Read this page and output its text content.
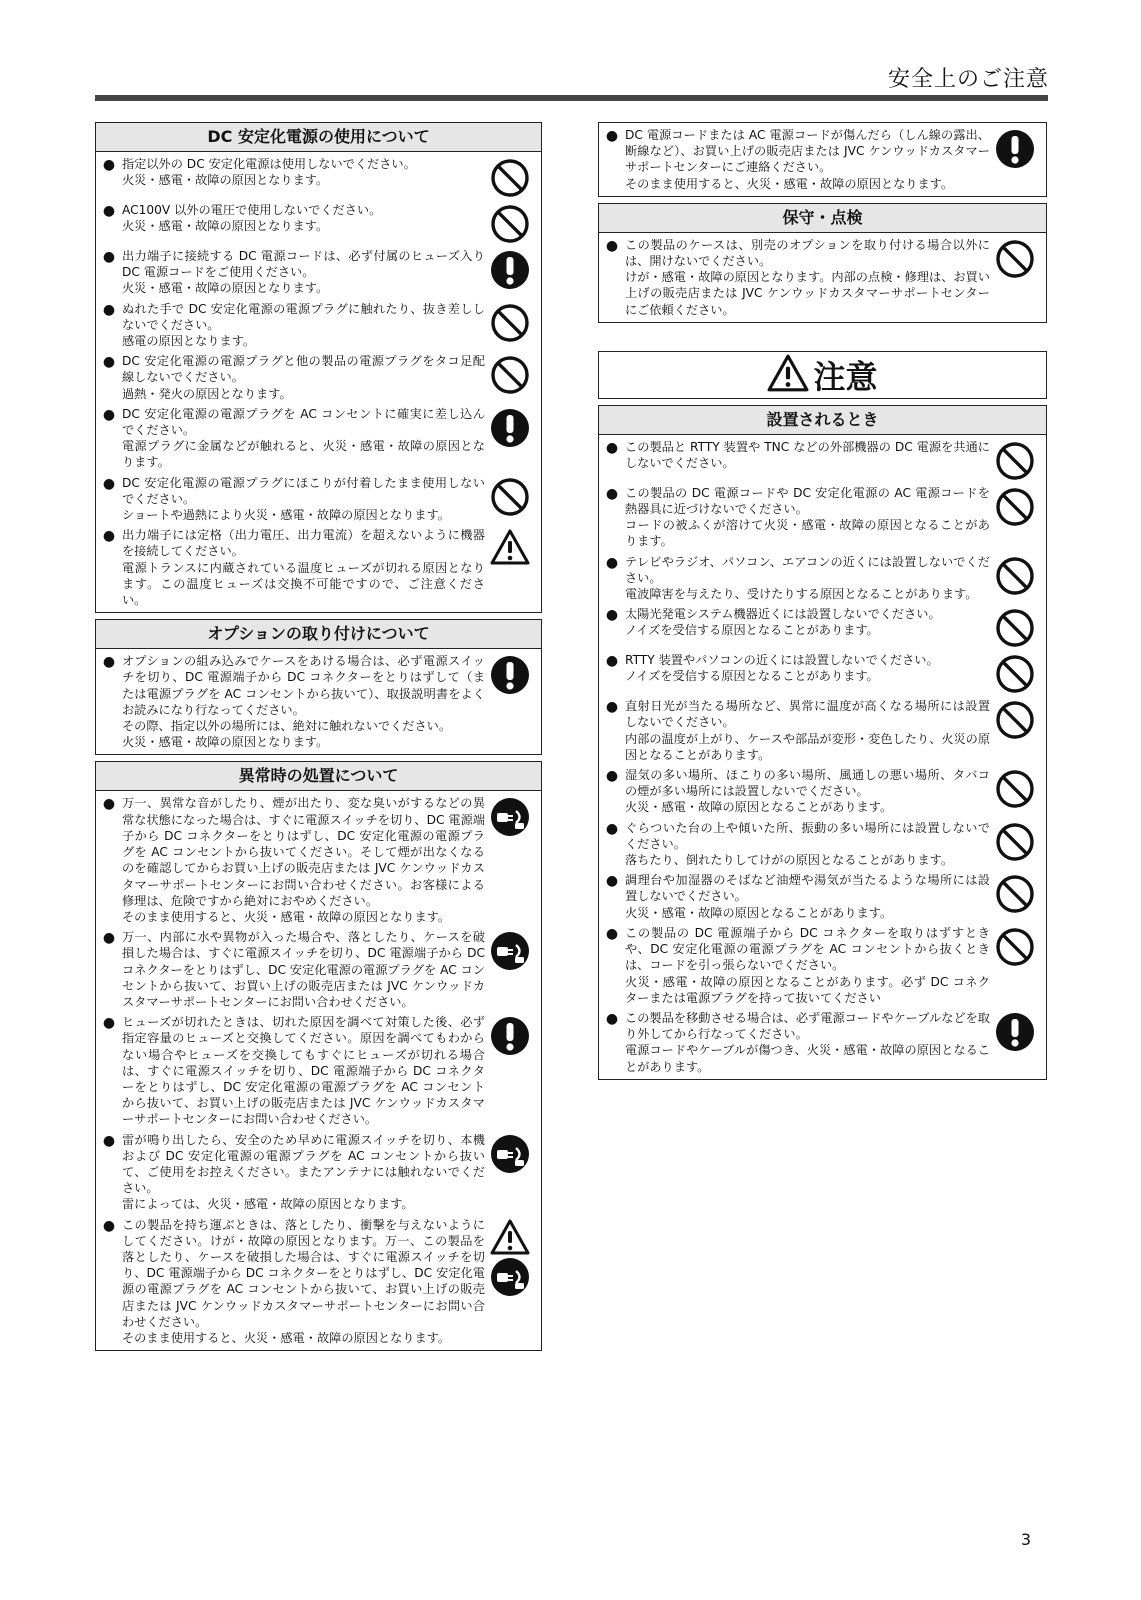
安全上のご注意
DC 安定化電源の使用について
● 指定以外の DC 安定化電源は使用しないでください。
火災・感電・故障の原因となります。
● AC100V 以外の電圧で使用しないでください。
火災・感電・故障の原因となります。
● 出力端子に接続する DC 電源コードは、必ず付属のヒューズ入り DC 電源コードをご使用ください。
火災・感電・故障の原因となります。
● ぬれた手で DC 安定化電源の電源プラグに触れたり、抜き差ししないでください。
感電の原因となります。
● DC 安定化電源の電源プラグと他の製品の電源プラグをタコ足配線しないでください。
過熱・発火の原因となります。
● DC 安定化電源の電源プラグを AC コンセントに確実に差し込んでください。
電源プラグに金属などが触れると、火災・感電・故障の原因となります。
● DC 安定化電源の電源プラグにほこりが付着したまま使用しないでください。
ショートや過熱により火災・感電・故障の原因となります。
● 出力端子には定格（出力電圧、出力電流）を超えないように機器を接続してください。
電源トランスに内蔵されている温度ヒューズが切れる原因となります。この温度ヒューズは交換不可能ですので、ご注意ください。
オプションの取り付けについて
● オプションの組み込みでケースをあける場合は、必ず電源スイッチを切り、DC 電源端子から DC コネクターをとりはずして（または電源プラグを AC コンセントから抜いて）、取扱説明書をよくお読みになり行なってください。
その際、指定以外の場所には、絶対に触れないでください。
火災・感電・故障の原因となります。
異常時の処置について
● 万一、異常な音がしたり、煙が出たり、変な臭いがするなどの異常な状態になった場合は、すぐに電源スイッチを切り、DC 電源端子から DC コネクターをとりはずし、DC 安定化電源の電源プラグを AC コンセントから抜いてください。そして煙が出なくなるのを確認してからお買い上げの販売店または JVC ケンウッドカスタマーサポートセンターにお問い合わせください。お客様による修理は、危険ですから絶対におやめください。
そのまま使用すると、火災・感電・故障の原因となります。
● 万一、内部に水や異物が入った場合や、落としたり、ケースを破損した場合は、すぐに電源スイッチを切り、DC 電源端子から DC コネクターをとりはずし、DC 安定化電源の電源プラグを AC コンセントから抜いて、お買い上げの販売店または JVC ケンウッドカスタマーサポートセンターにお問い合わせください。
● ヒューズが切れたときは、切れた原因を調べて対策した後、必ず指定容量のヒューズと交換してください。原因を調べてもわからない場合やヒューズを交換してもすぐにヒューズが切れる場合は、すぐに電源スイッチを切り、DC 電源端子から DC コネクターをとりはずし、DC 安定化電源の電源プラグを AC コンセントから抜いて、お買い上げの販売店または JVC ケンウッドカスタマーサポートセンターにお問い合わせください。
● 雷が鳴り出したら、安全のため早めに電源スイッチを切り、本機および DC 安定化電源の電源プラグを AC コンセントから抜いて、ご使用をお控えください。またアンテナには触れないでください。
雷によっては、火災・感電・故障の原因となります。
● この製品を持ち運ぶときは、落としたり、衝撃を与えないようにしてください。けが・故障の原因となります。万一、この製品を落としたり、ケースを破損した場合は、すぐに電源スイッチを切り、DC 電源端子から DC コネクターをとりはずし、DC 安定化電源の電源プラグを AC コンセントから抜いて、お買い上げの販売店または JVC ケンウッドカスタマーサポートセンターにお問い合わせください。
そのまま使用すると、火災・感電・故障の原因となります。
● DC 電源コードまたは AC 電源コードが傷んだら（しん線の露出、断線など）、お買い上げの販売店または JVC ケンウッドカスタマーサポートセンターにご連絡ください。
そのまま使用すると、火災・感電・故障の原因となります。
保守・点検
● この製品のケースは、別売のオプションを取り付ける場合以外には、開けないでください。
けが・感電・故障の原因となります。内部の点検・修理は、お買い上げの販売店または JVC ケンウッドカスタマーサポートセンターにご依頼ください。
注意
設置されるとき
● この製品と RTTY 装置や TNC などの外部機器の DC 電源を共通にしないでください。
● この製品の DC 電源コードや DC 安定化電源の AC 電源コードを熱器具に近づけないでください。
コードの被ふくが溶けて火災・感電・故障の原因となることがあります。
● テレビやラジオ、パソコン、エアコンの近くには設置しないでください。
電波障害を与えたり、受けたりする原因となることがあります。
● 太陽光発電システム機器近くには設置しないでください。
ノイズを受信する原因となることがあります。
● RTTY 装置やパソコンの近くには設置しないでください。
ノイズを受信する原因となることがあります。
● 直射日光が当たる場所など、異常に温度が高くなる場所には設置しないでください。
内部の温度が上がり、ケースや部品が変形・変色したり、火災の原因となることがあります。
● 湿気の多い場所、ほこりの多い場所、風通しの悪い場所、タバコの煙が多い場所には設置しないでください。
火災・感電・故障の原因となることがあります。
● ぐらついた台の上や傾いた所、振動の多い場所には設置しないでください。
落ちたり、倒れたりしてけがの原因となることがあります。
● 調理台や加湿器のそばなど油煙や湯気が当たるような場所には設置しないでください。
火災・感電・故障の原因となることがあります。
● この製品の DC 電源端子から DC コネクターを取りはずすときや、DC 安定化電源の電源プラグを AC コンセントから抜くときは、コードを引っ張らないでください。
火災・感電・故障の原因となることがあります。必ず DC コネクターまたは電源プラグを持って抜いてください
● この製品を移動させる場合は、必ず電源コードやケーブルなどを取り外してから行なってください。
電源コードやケーブルが傷つき、火災・感電・故障の原因となることがあります。
3
